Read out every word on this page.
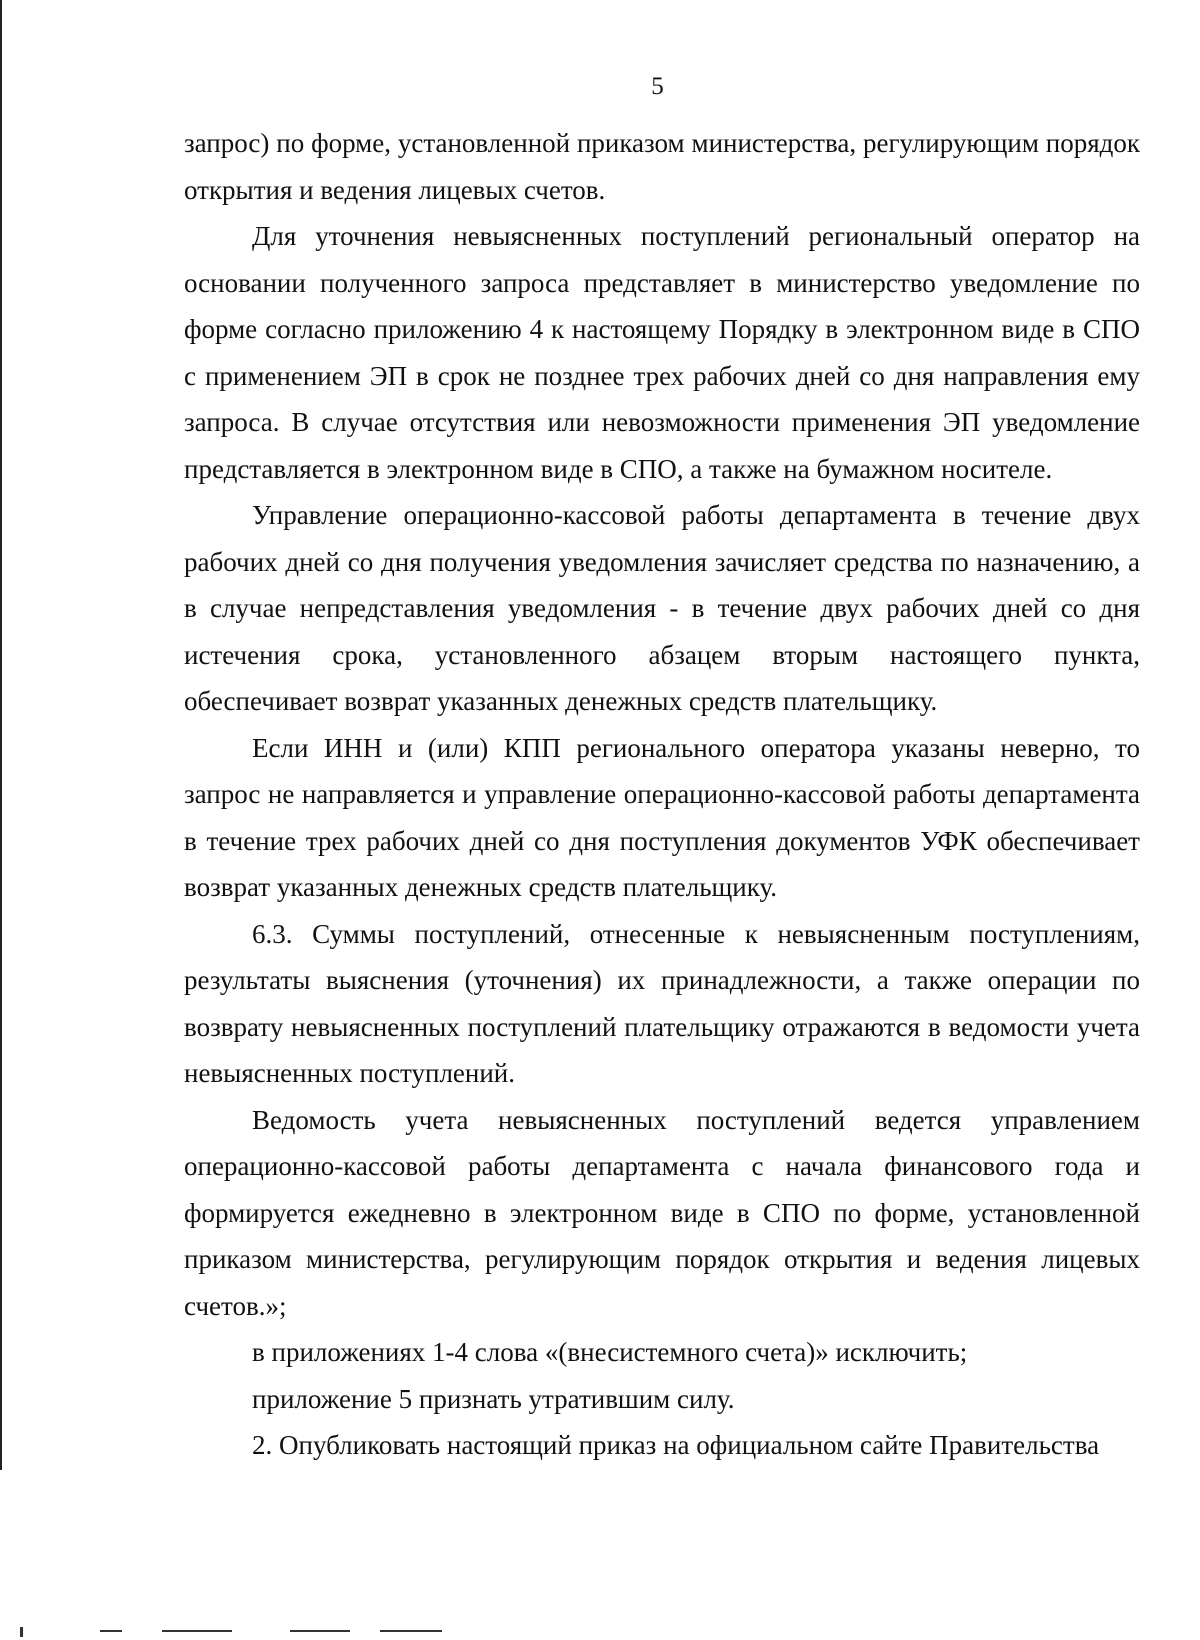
5

запрос) по форме, установленной приказом министерства, регулирующим порядок открытия и ведения лицевых счетов.

Для уточнения невыясненных поступлений региональный оператор на основании полученного запроса представляет в министерство уведомление по форме согласно приложению 4 к настоящему Порядку в электронном виде в СПО с применением ЭП в срок не позднее трех рабочих дней со дня направления ему запроса. В случае отсутствия или невозможности применения ЭП уведомление представляется в электронном виде в СПО, а также на бумажном носителе.

Управление операционно-кассовой работы департамента в течение двух рабочих дней со дня получения уведомления зачисляет средства по назначению, а в случае непредставления уведомления - в течение двух рабочих дней со дня истечения срока, установленного абзацем вторым настоящего пункта, обеспечивает возврат указанных денежных средств плательщику.

Если ИНН и (или) КПП регионального оператора указаны неверно, то запрос не направляется и управление операционно-кассовой работы департамента в течение трех рабочих дней со дня поступления документов УФК обеспечивает возврат указанных денежных средств плательщику.

6.3. Суммы поступлений, отнесенные к невыясненным поступлениям, результаты выяснения (уточнения) их принадлежности, а также операции по возврату невыясненных поступлений плательщику отражаются в ведомости учета невыясненных поступлений.

Ведомость учета невыясненных поступлений ведется управлением операционно-кассовой работы департамента с начала финансового года и формируется ежедневно в электронном виде в СПО по форме, установленной приказом министерства, регулирующим порядок открытия и ведения лицевых счетов.»;

в приложениях 1-4 слова «(внесистемного счета)» исключить;

приложение 5 признать утратившим силу.

2. Опубликовать настоящий приказ на официальном сайте Правительства
